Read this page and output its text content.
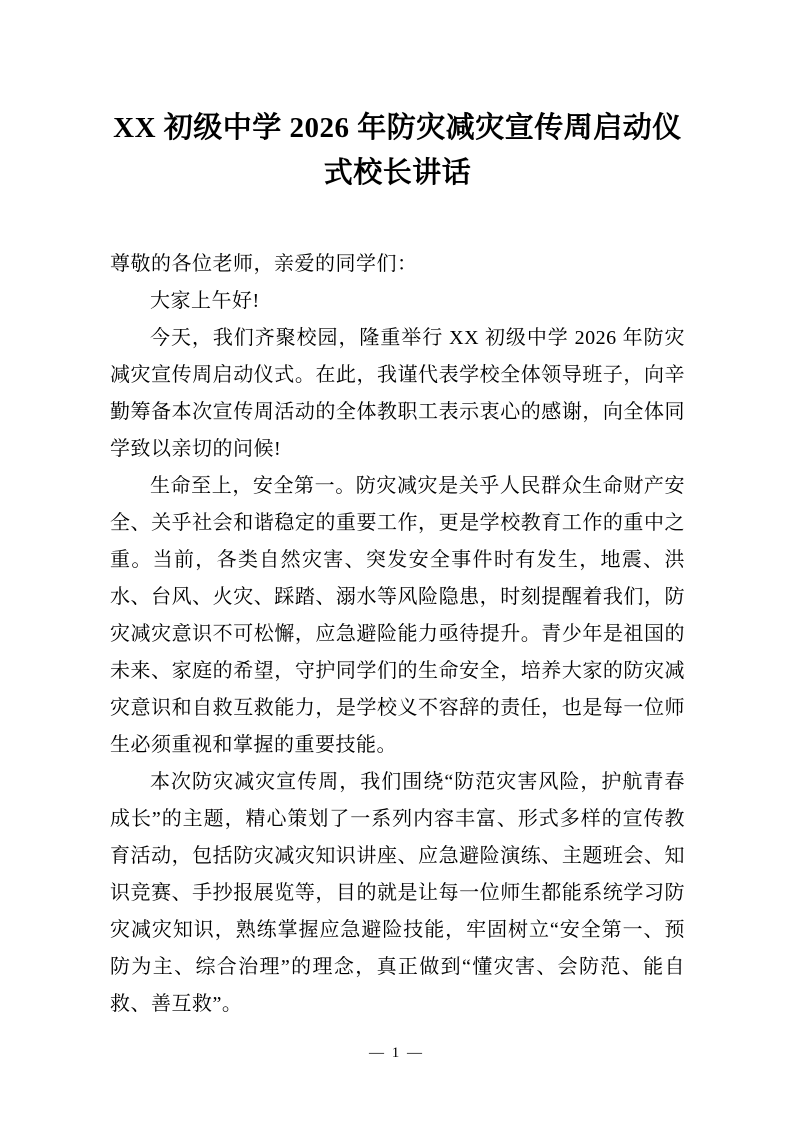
XX 初级中学 2026 年防灾减灾宣传周启动仪式校长讲话

尊敬的各位老师，亲爱的同学们：

大家上午好!

今天，我们齐聚校园，隆重举行 XX 初级中学 2026 年防灾减灾宣传周启动仪式。在此，我谨代表学校全体领导班子，向辛勤筹备本次宣传周活动的全体教职工表示衷心的感谢，向全体同学致以亲切的问候!

生命至上，安全第一。防灾减灾是关乎人民群众生命财产安全、关乎社会和谐稳定的重要工作，更是学校教育工作的重中之重。当前，各类自然灾害、突发安全事件时有发生，地震、洪水、台风、火灾、踩踏、溺水等风险隐患，时刻提醒着我们，防灾减灾意识不可松懈，应急避险能力亟待提升。青少年是祖国的未来、家庭的希望，守护同学们的生命安全，培养大家的防灾减灾意识和自救互救能力，是学校义不容辞的责任，也是每一位师生必须重视和掌握的重要技能。

本次防灾减灾宣传周，我们围绕“防范灾害风险，护航青春成长”的主题，精心策划了一系列内容丰富、形式多样的宣传教育活动，包括防灾减灾知识讲座、应急避险演练、主题班会、知识竞赛、手抄报展览等，目的就是让每一位师生都能系统学习防灾减灾知识，熟练掌握应急避险技能，牢固树立“安全第一、预防为主、综合治理”的理念，真正做到“懂灾害、会防范、能自救、善互救”。

— 1 —
